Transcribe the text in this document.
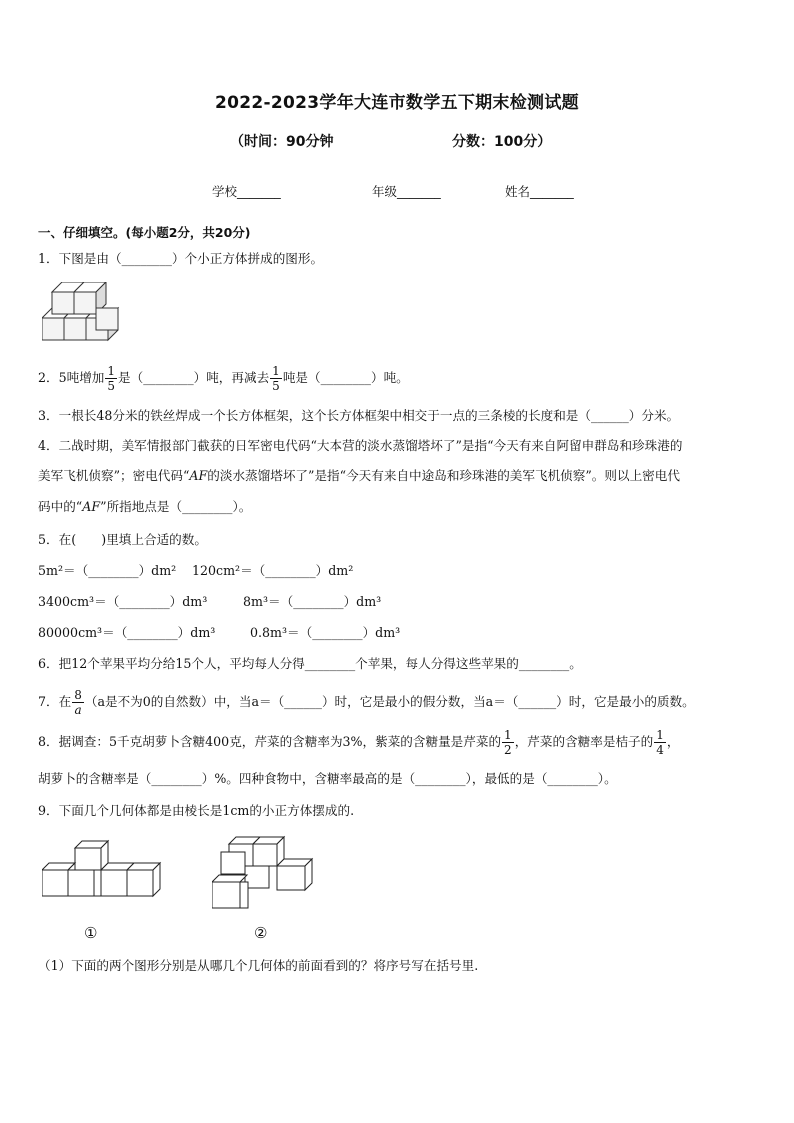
2022-2023学年大连市数学五下期末检测试题
（时间：90分钟	分数：100分）
学校_______	年级_______	姓名_______
一、仔细填空。(每小题2分，共20分)
1．下图是由（________）个小正方体拼成的图形。
2．5吨增加 $\frac{1}{5}$ 是（________）吨，再减去 $\frac{1}{5}$ 吨是（________）吨。
3．一根长48分米的铁丝焊成一个长方体框架，这个长方体框架中相交于一点的三条棱的长度和是（______）分米。
4．二战时期，美军情报部门截获的日军密电代码“大本营的淡水蒸馏塔坏了”是指“今天有来自阿留申群岛和珍珠港的
美军飞机侦察”；密电代码“AF的淡水蒸馏塔坏了”是指“今天有来自中途岛和珍珠港的美军飞机侦察”。则以上密电代
码中的“AF”所指地点是（________）。
5．在(　　)里填上合适的数。
5m²＝（________）dm² 120cm²＝（________）dm²
3400cm³＝（________）dm³	8m³＝（________）dm³
80000cm³＝（________）dm³	0.8m³＝（________）dm³
6．把12个苹果平均分给15个人，平均每人分得________个苹果，每人分得这些苹果的________。
7．在 $\frac{8}{a} (a$是不为0的自然数）中，当a＝（______）时，它是最小的假分数，当a＝（______）时，它是最小的质数。
8．据调查：5千克胡萝卜含糖400克，芹菜的含糖率为3%，紫菜的含糖量是芹菜的 $\frac{1}{2}$ ，芹菜的含糖率是桔子的 $\frac{1}{4}$ ，
胡萝卜的含糖率是（________）%。四种食物中，含糖率最高的是（________），最低的是（________）。
9．下面几个几何体都是由棱长是1cm的小正方体摆成的.
①	②
（1）下面的两个图形分别是从哪几个几何体的前面看到的？将序号写在括号里.
